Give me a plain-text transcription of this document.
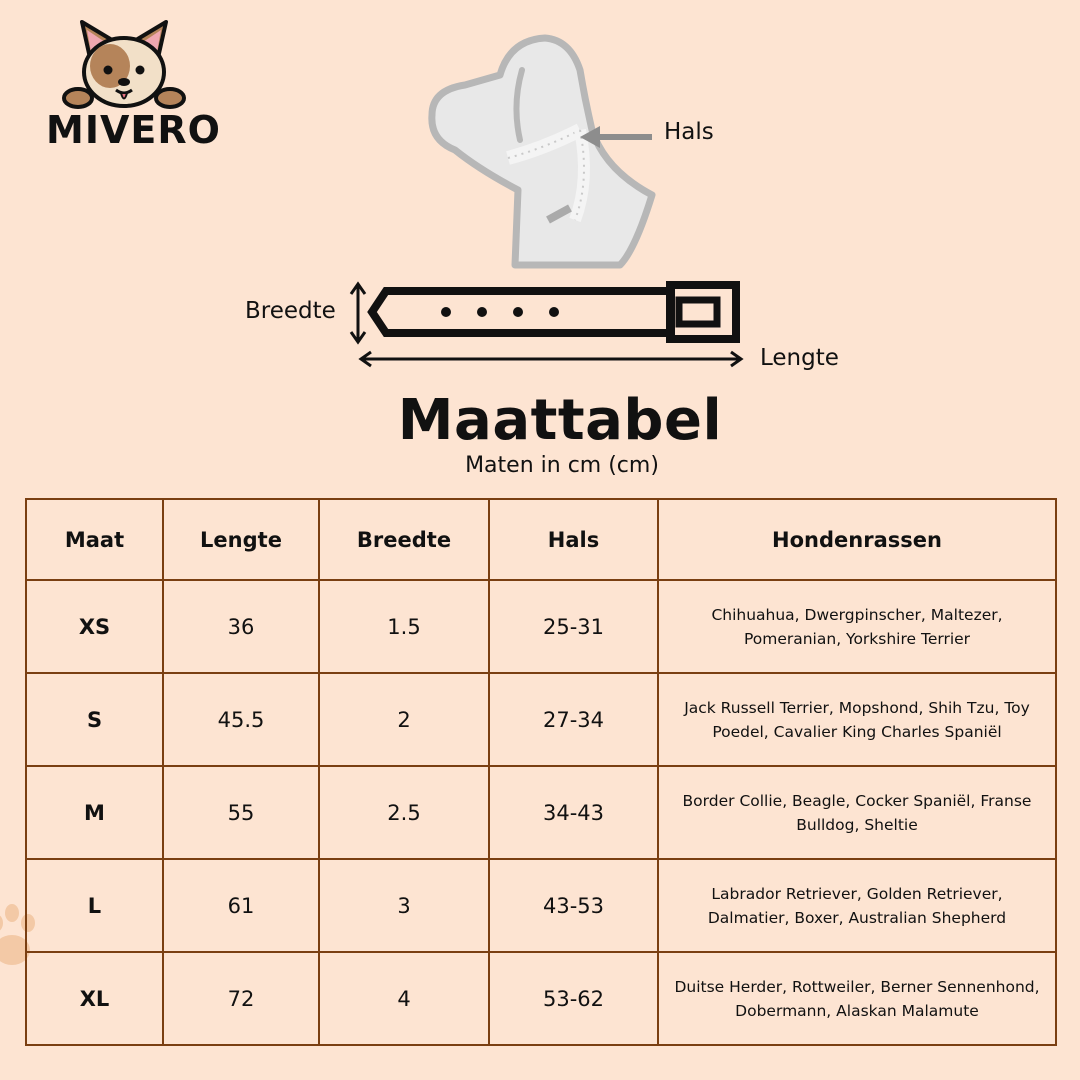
MIVERO	Hals
Breedte
Lengte
Maattabel
Maten in cm (cm)
Maat	Lengte	Breedte	Hals	Hondenrassen
XS	36	1.5	25-31	Chihuahua, Dwergpinscher, Maltezer, Pomeranian, Yorkshire Terrier
S	45.5	2	27-34	Jack Russell Terrier, Mopshond, Shih Tzu, Toy Poedel, Cavalier King Charles Spaniël
M	55	2.5	34-43	Border Collie, Beagle, Cocker Spaniël, Franse Bulldog, Sheltie
L	61	3	43-53	Labrador Retriever, Golden Retriever, Dalmatier, Boxer, Australian Shepherd
XL	72	4	53-62	Duitse Herder, Rottweiler, Berner Sennenhond, Dobermann, Alaskan Malamute
